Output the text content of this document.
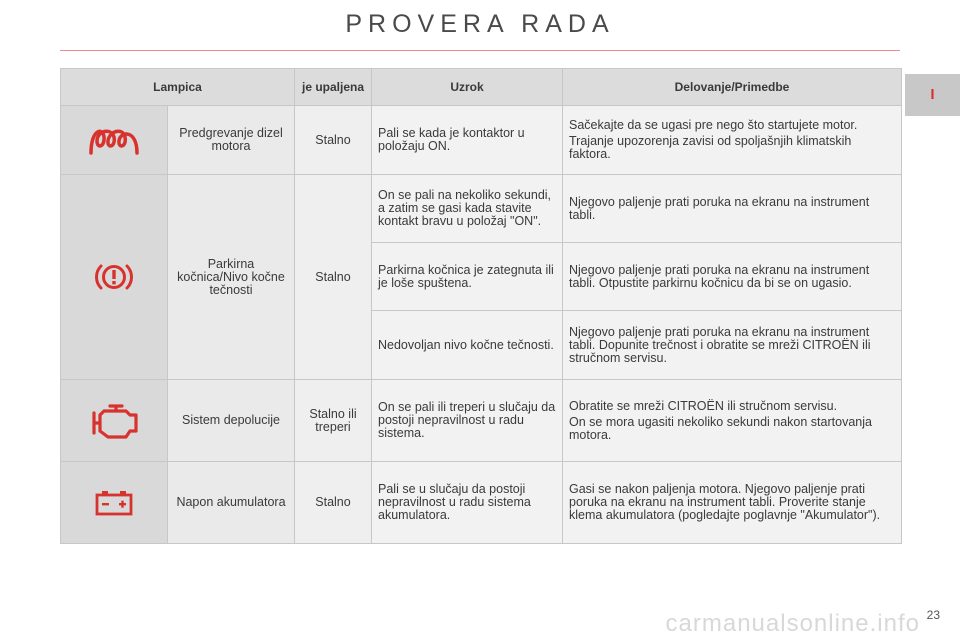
PROVERA RADA
I
Lampica		je upaljena	Uzrok	Delovanje/Primedbe

	Predgrevanje dizel motora	Stalno	Pali se kada je kontaktor u položaju ON.	Sačekajte da se ugasi pre nego što startujete motor.

Trajanje upozorenja zavisi od spoljašnjih klimatskih faktora.

	Parkirna kočnica/Nivo kočne tečnosti	Stalno	On se pali na nekoliko sekundi, a zatim se gasi kada stavite kontakt bravu u položaj "ON".	Njegovo paljenje prati poruka na ekranu na instrument tabli.

			Parkirna kočnica je zategnuta ili je loše spuštena.	Njegovo paljenje prati poruka na ekranu na instrument tabli. Otpustite parkirnu kočnicu da bi se on ugasio.

			Nedovoljan nivo kočne tečnosti.	Njegovo paljenje prati poruka na ekranu na instrument tabli. Dopunite trečnost i obratite se mreži CITROËN ili stručnom servisu.

	Sistem depolucije	Stalno ili treperi	On se pali ili treperi u slučaju da postoji nepravilnost u radu sistema.	Obratite se mreži CITROËN ili stručnom servisu.

On se mora ugasiti nekoliko sekundi nakon startovanja motora.

	Napon akumulatora	Stalno	Pali se u slučaju da postoji nepravilnost u radu sistema akumulatora.	Gasi se nakon paljenja motora. Njegovo paljenje prati poruka na ekranu na instrument tabli. Proverite stanje klema akumulatora (pogledajte poglavnje "Akumulator").

carmanualsonline.info 23
